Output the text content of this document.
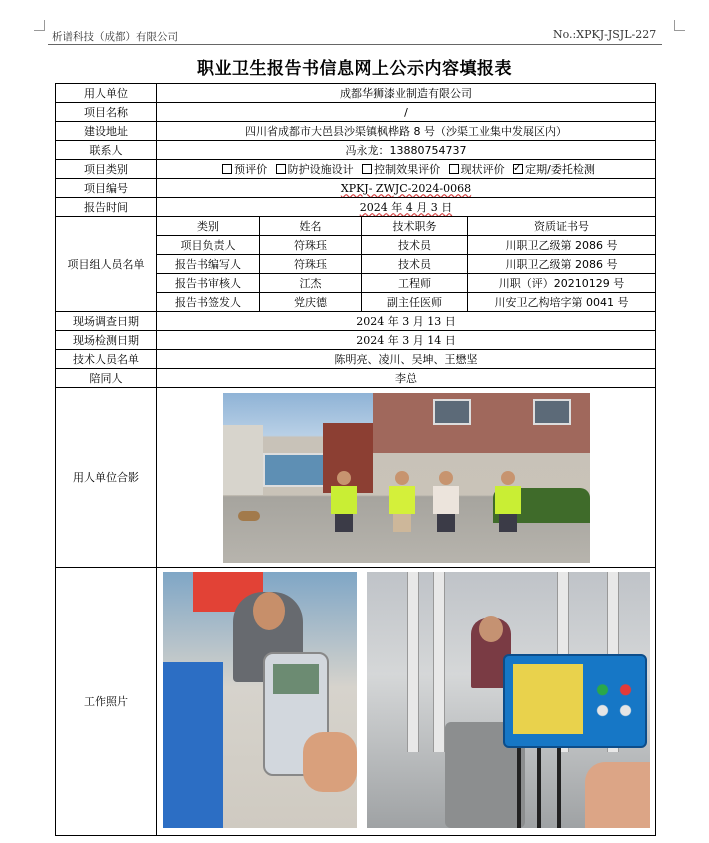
析谱科技（成都）有限公司	No.:XPKJ-JSJL-227
职业卫生报告书信息网上公示内容填报表
用人单位	成都华狮漆业制造有限公司			
项目名称	/			
建设地址	四川省成都市大邑县沙渠镇枫桦路 8 号（沙渠工业集中发展区内）			
联系人	冯永龙：13880754737			
项目类别	预评价 防护设施设计 控制效果评价 现状评价 ✓ 定期/委托检测
项目编号	XPKJ- ZWJC-2024-0068			
报告时间	2024 年 4 月 3 日			
项目组人员名单	类别	姓名	技术职务	资质证书号
	项目负责人	符珠珏	技术员	川职卫乙级第 2086 号
	报告书编写人	符珠珏	技术员	川职卫乙级第 2086 号
	报告书审核人	江杰	工程师	川职（评）20210129 号
	报告书签发人	党庆德	副主任医师	川安卫乙构培字第 0041 号
现场调查日期	2024 年 3 月 13 日			
现场检测日期	2024 年 3 月 14 日			
技术人员名单	陈明亮、凌川、吴坤、王懋坚			
陪同人	李总			
用人单位合影				

工作照片				
